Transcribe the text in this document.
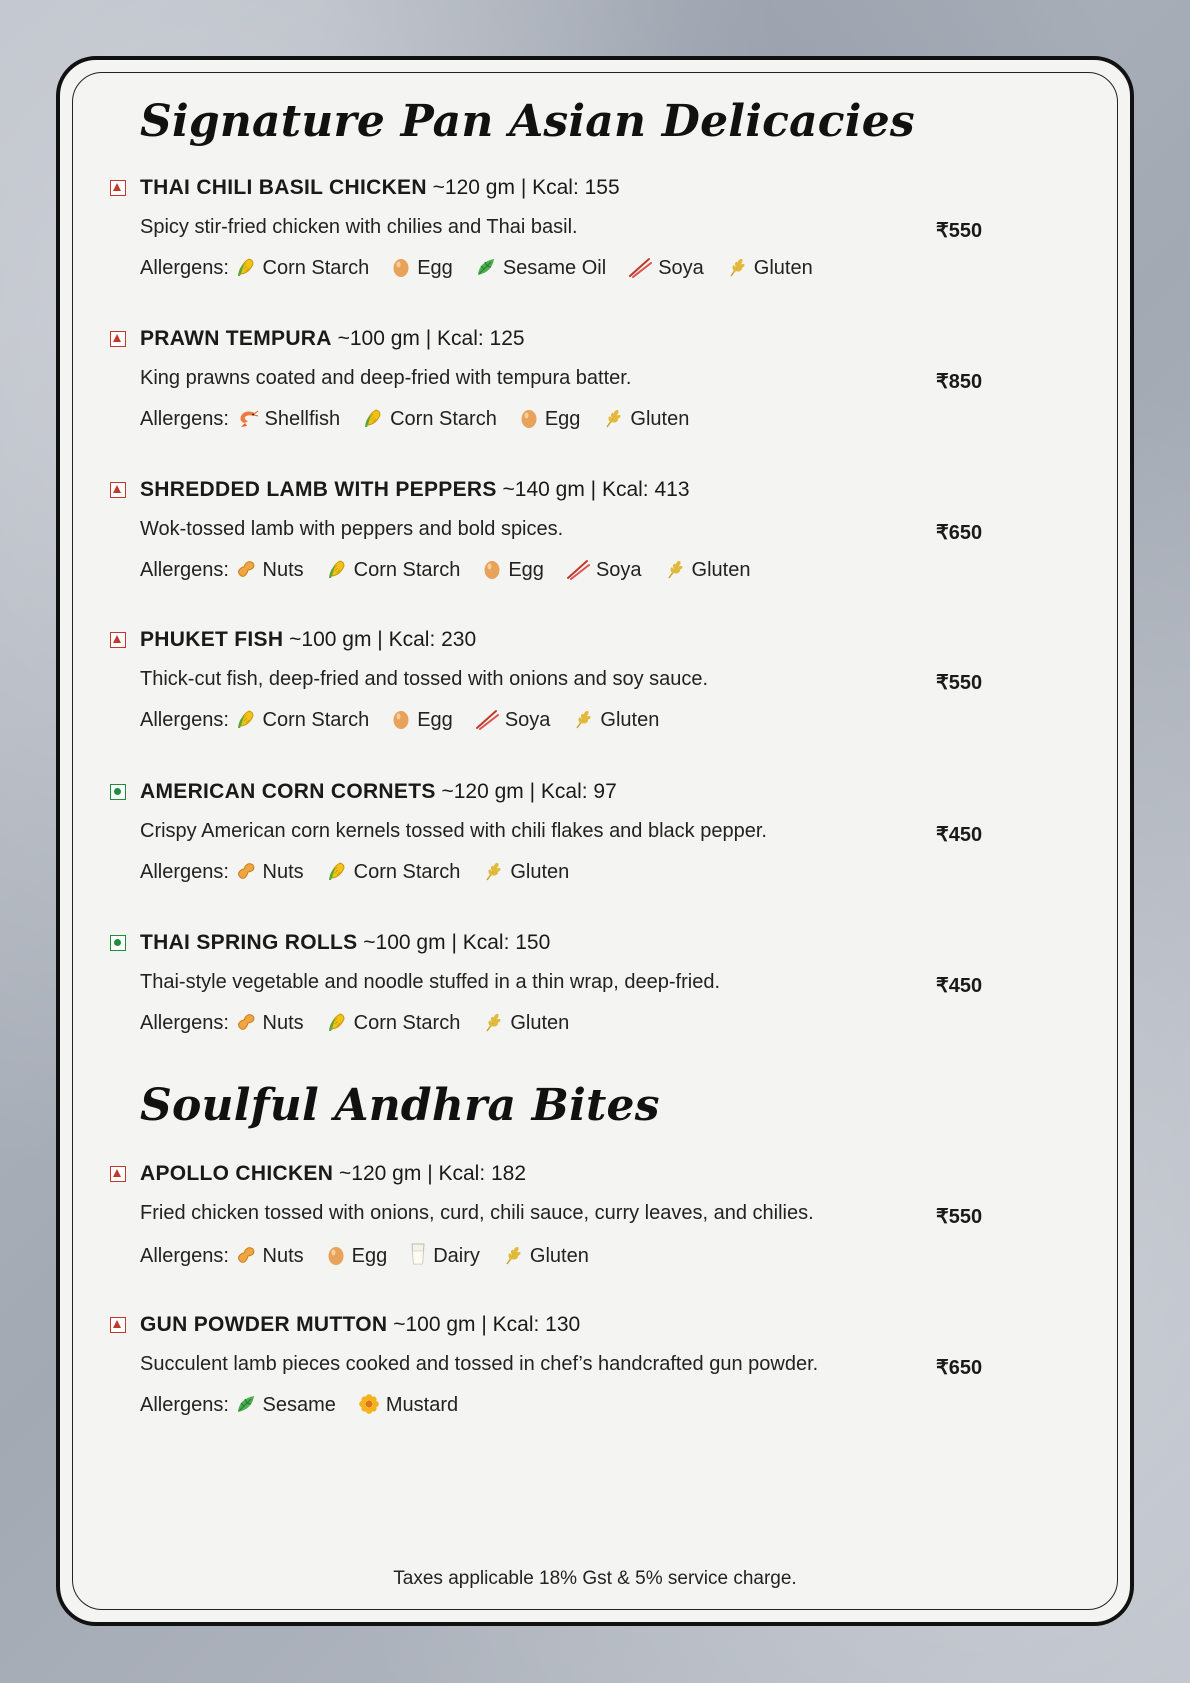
Signature Pan Asian Delicacies
THAI CHILI BASIL CHICKEN ~120 gm | Kcal: 155
Spicy stir-fried chicken with chilies and Thai basil.	₹550
Allergens: Corn Starch Egg	Sesame Oil	Soya	Gluten
PRAWN TEMPURA ~100 gm | Kcal: 125
King prawns coated and deep-fried with tempura batter.	₹850
Allergens: Shellfish	Corn Starch Egg	Gluten
SHREDDED LAMB WITH PEPPERS ~140 gm | Kcal: 413
Wok-tossed lamb with peppers and bold spices.	₹650
Allergens: Nuts	Corn Starch Egg	Soya	Gluten
PHUKET FISH ~100 gm | Kcal: 230
Thick-cut fish, deep-fried and tossed with onions and soy sauce.	₹550
Allergens: Corn Starch Egg	Soya	Gluten
AMERICAN CORN CORNETS ~120 gm | Kcal: 97
Crispy American corn kernels tossed with chili flakes and black pepper.	₹450
Allergens: Nuts	Corn Starch	Gluten
THAI SPRING ROLLS ~100 gm | Kcal: 150
Thai-style vegetable and noodle stuffed in a thin wrap, deep-fried.	₹450
Allergens: Nuts	Corn Starch	Gluten
Soulful Andhra Bites
APOLLO CHICKEN ~120 gm | Kcal: 182
Fried chicken tossed with onions, curd, chili sauce, curry leaves, and chilies.	₹550
Allergens: Nuts Egg Dairy	Gluten
GUN POWDER MUTTON ~100 gm | Kcal: 130
Succulent lamb pieces cooked and tossed in chef’s handcrafted gun powder.	₹650
Allergens: Sesame	Mustard
Taxes applicable 18% Gst & 5% service charge.
